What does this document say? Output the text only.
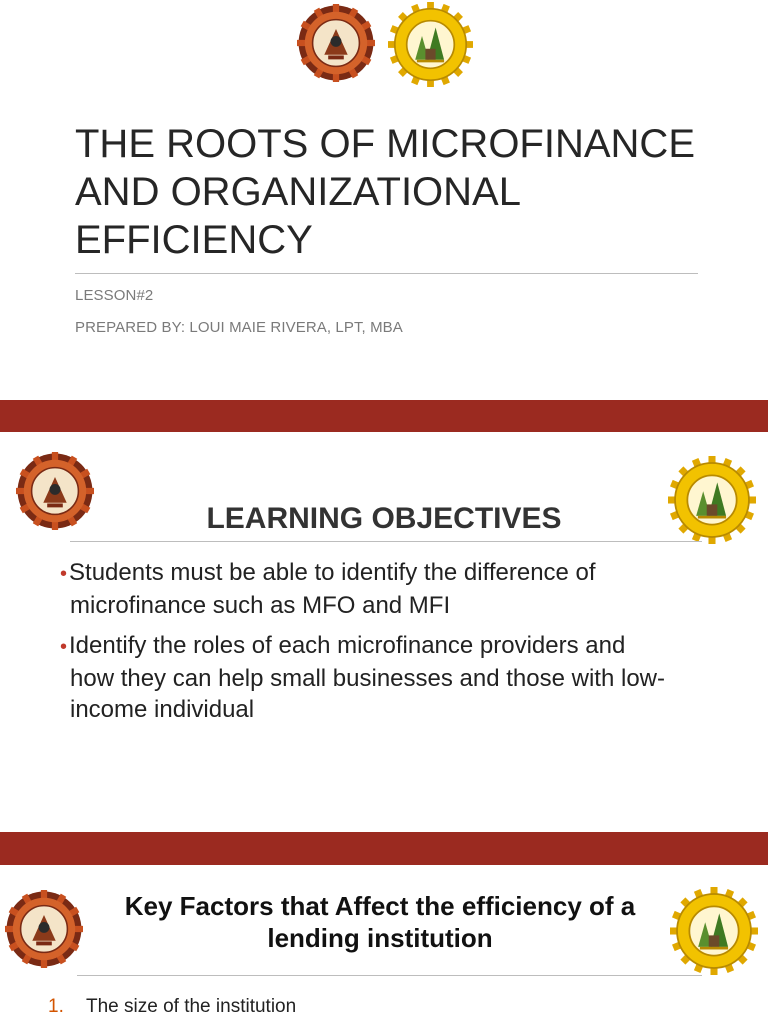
THE ROOTS OF MICROFINANCE AND ORGANIZATIONAL EFFICIENCY
LESSON#2
PREPARED BY: LOUI MAIE RIVERA, LPT, MBA
LEARNING OBJECTIVES
•Students must be able to identify the difference of
microfinance such as MFO and MFI
•Identify the roles of each microfinance providers and
how they can help small businesses and those with low-income individual
Key Factors that Affect the efficiency of a lending institution
1. The size of the institution
